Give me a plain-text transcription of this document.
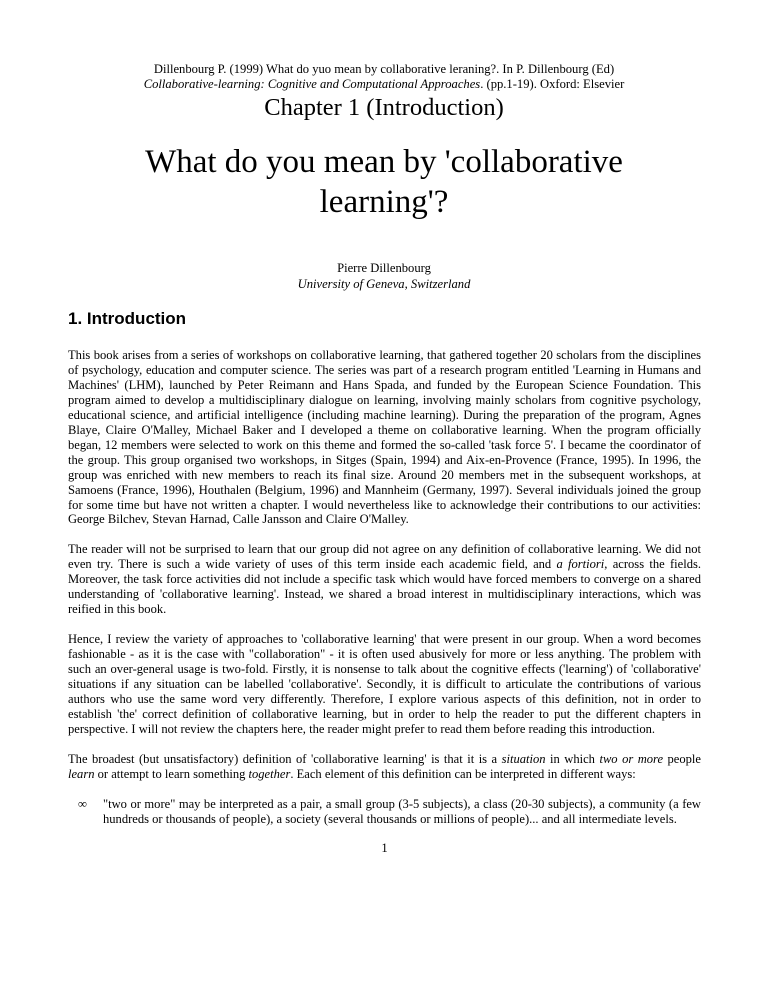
Dillenbourg P. (1999) What do yuo mean by collaborative leraning?. In P. Dillenbourg (Ed)
Collaborative-learning: Cognitive and Computational Approaches. (pp.1-19). Oxford: Elsevier
Chapter 1 (Introduction)
What do you mean by 'collaborative learning'?
Pierre Dillenbourg
University of Geneva, Switzerland
1. Introduction

This book arises from a series of workshops on collaborative learning, that gathered together 20 scholars from the disciplines of psychology, education and computer science. The series was part of a research program entitled 'Learning in Humans and Machines' (LHM), launched by Peter Reimann and Hans Spada, and funded by the European Science Foundation. This program aimed to develop a multidisciplinary dialogue on learning, involving mainly scholars from cognitive psychology, educational science, and artificial intelligence (including machine learning). During the preparation of the program, Agnes Blaye, Claire O'Malley, Michael Baker and I developed a theme on collaborative learning. When the program officially began, 12 members were selected to work on this theme and formed the so-called 'task force 5'. I became the coordinator of the group. This group organised two workshops, in Sitges (Spain, 1994) and Aix-en-Provence (France, 1995). In 1996, the group was enriched with new members to reach its final size. Around 20 members met in the subsequent workshops, at Samoens (France, 1996), Houthalen (Belgium, 1996) and Mannheim (Germany, 1997). Several individuals joined the group for some time but have not written a chapter. I would nevertheless like to acknowledge their contributions to our activities: George Bilchev, Stevan Harnad, Calle Jansson and Claire O'Malley.

The reader will not be surprised to learn that our group did not agree on any definition of collaborative learning. We did not even try. There is such a wide variety of uses of this term inside each academic field, and a fortiori, across the fields. Moreover, the task force activities did not include a specific task which would have forced members to converge on a shared understanding of 'collaborative learning'. Instead, we shared a broad interest in multidisciplinary interactions, which was reified in this book.

Hence, I review the variety of approaches to 'collaborative learning' that were present in our group. When a word becomes fashionable - as it is the case with "collaboration" - it is often used abusively for more or less anything. The problem with such an over-general usage is two-fold. Firstly, it is nonsense to talk about the cognitive effects ('learning') of 'collaborative' situations if any situation can be labelled 'collaborative'. Secondly, it is difficult to articulate the contributions of various authors who use the same word very differently. Therefore, I explore various aspects of this definition, not in order to establish 'the' correct definition of collaborative learning, but in order to help the reader to put the different chapters in perspective. I will not review the chapters here, the reader might prefer to read them before reading this introduction.

The broadest (but unsatisfactory) definition of 'collaborative learning' is that it is a situation in which two or more people learn or attempt to learn something together. Each element of this definition can be interpreted in different ways:

∞	"two or more" may be interpreted as a pair, a small group (3-5 subjects), a class (20-30 subjects), a community (a few hundreds or thousands of people), a society (several thousands or millions of people)... and all intermediate levels.
1
